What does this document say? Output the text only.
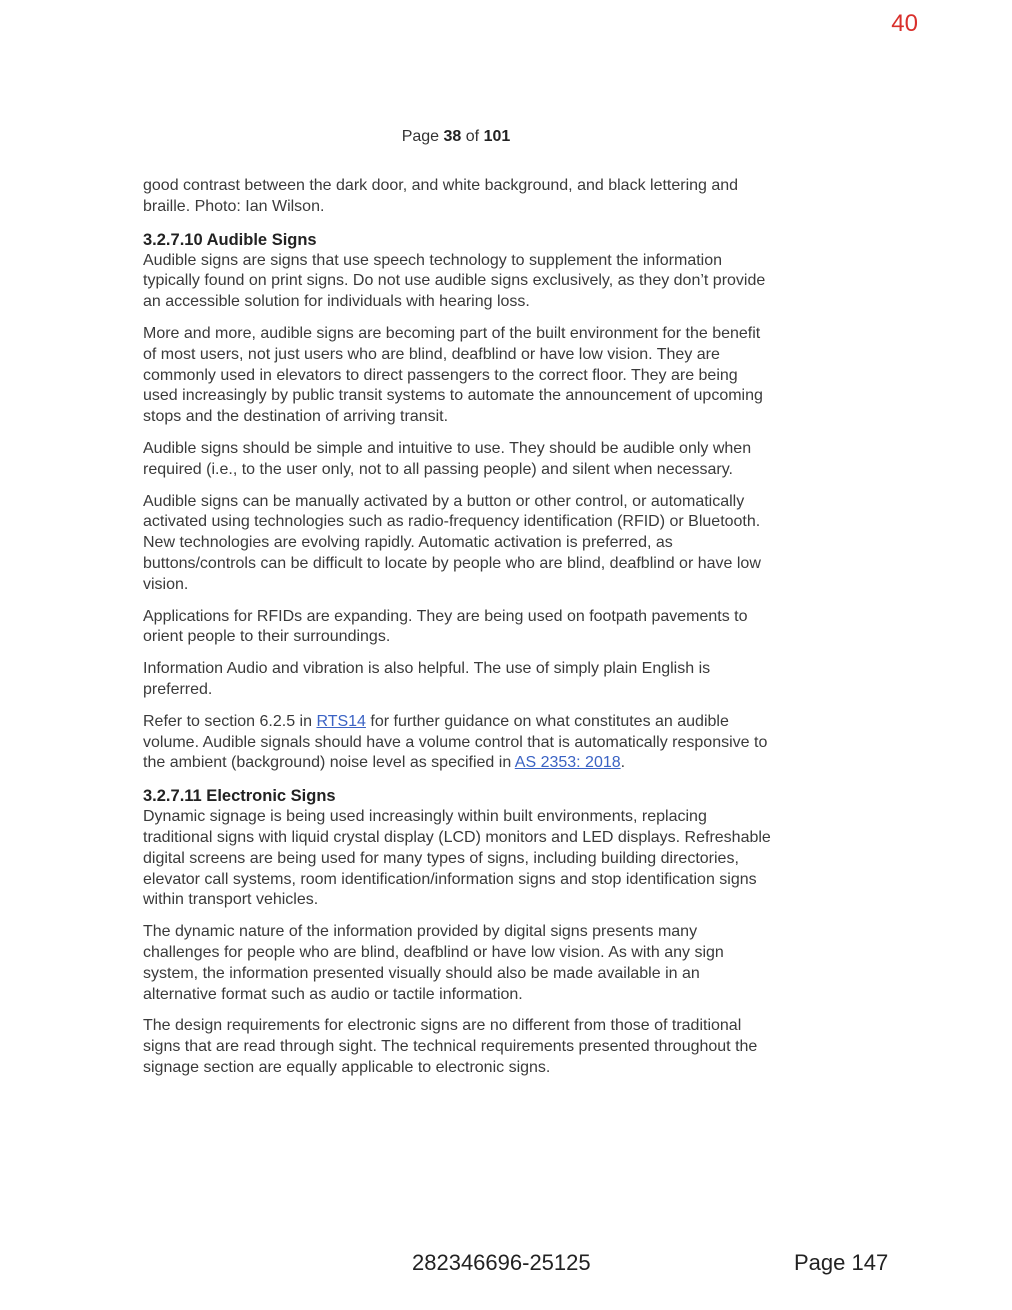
40
Page 38 of 101

good contrast between the dark door, and white background, and black lettering and braille. Photo: Ian Wilson.

3.2.7.10 Audible Signs

Audible signs are signs that use speech technology to supplement the information typically found on print signs. Do not use audible signs exclusively, as they don’t provide an accessible solution for individuals with hearing loss.

More and more, audible signs are becoming part of the built environment for the benefit of most users, not just users who are blind, deafblind or have low vision. They are commonly used in elevators to direct passengers to the correct floor. They are being used increasingly by public transit systems to automate the announcement of upcoming stops and the destination of arriving transit.

Audible signs should be simple and intuitive to use. They should be audible only when required (i.e., to the user only, not to all passing people) and silent when necessary.

Audible signs can be manually activated by a button or other control, or automatically activated using technologies such as radio-frequency identification (RFID) or Bluetooth. New technologies are evolving rapidly. Automatic activation is preferred, as buttons/controls can be difficult to locate by people who are blind, deafblind or have low vision.

Applications for RFIDs are expanding. They are being used on footpath pavements to orient people to their surroundings.

Information Audio and vibration is also helpful. The use of simply plain English is preferred.

Refer to section 6.2.5 in RTS14 for further guidance on what constitutes an audible volume. Audible signals should have a volume control that is automatically responsive to the ambient (background) noise level as specified in AS 2353: 2018.

3.2.7.11 Electronic Signs

Dynamic signage is being used increasingly within built environments, replacing traditional signs with liquid crystal display (LCD) monitors and LED displays. Refreshable digital screens are being used for many types of signs, including building directories, elevator call systems, room identification/information signs and stop identification signs within transport vehicles.

The dynamic nature of the information provided by digital signs presents many challenges for people who are blind, deafblind or have low vision. As with any sign system, the information presented visually should also be made available in an alternative format such as audio or tactile information.

The design requirements for electronic signs are no different from those of traditional signs that are read through sight. The technical requirements presented throughout the signage section are equally applicable to electronic signs.

282346696-25125	Page 147
